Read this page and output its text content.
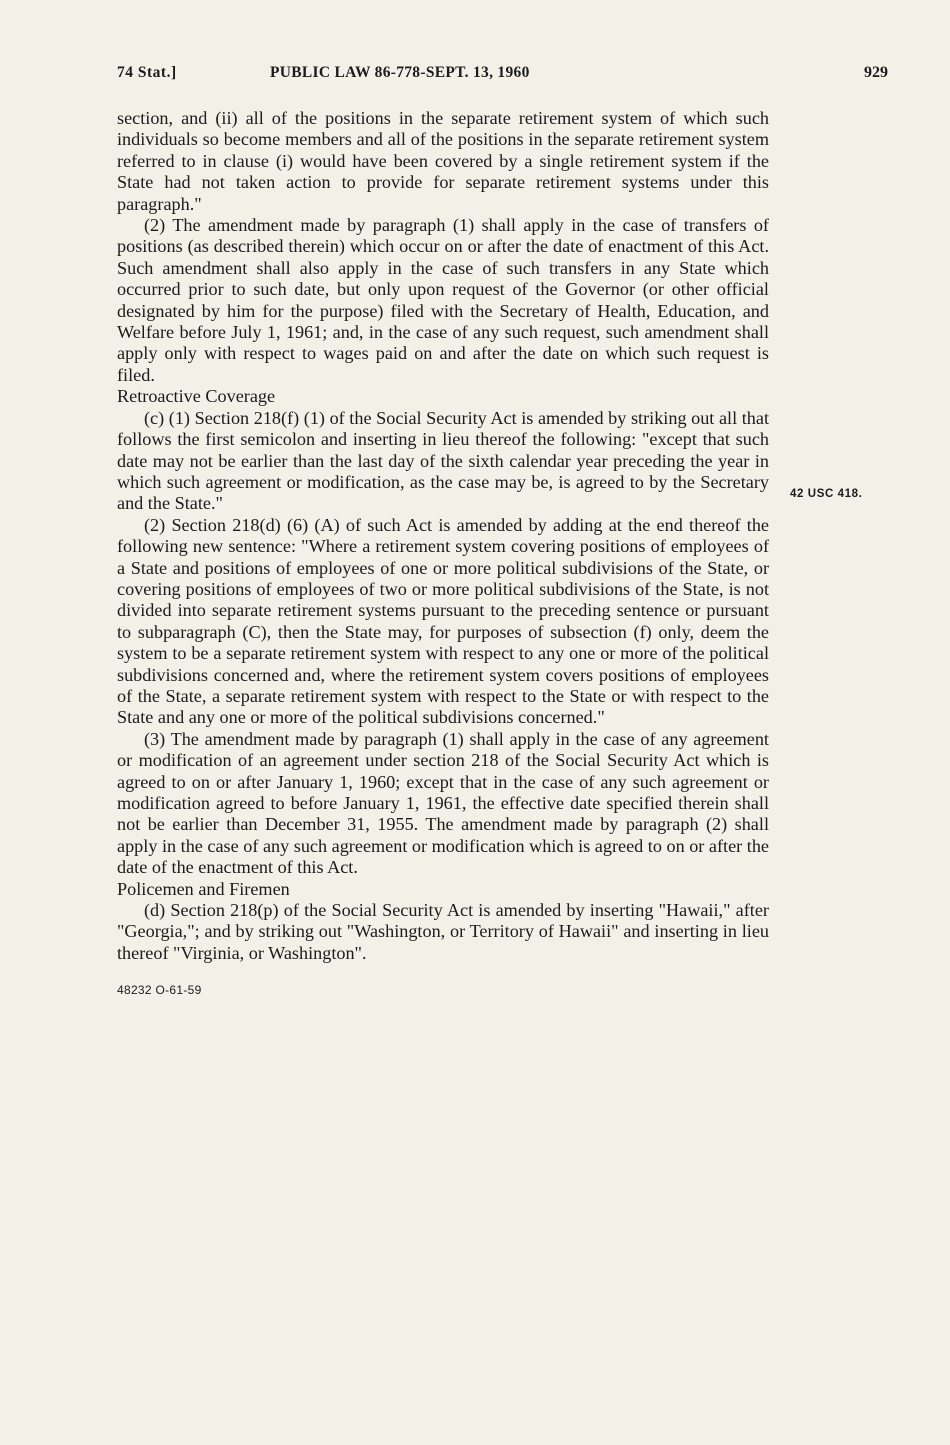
74 Stat.]	PUBLIC LAW 86-778-SEPT. 13, 1960	929

section, and (ii) all of the positions in the separate retirement system of which such individuals so become members and all of the positions in the separate retirement system referred to in clause (i) would have been covered by a single retirement system if the State had not taken action to provide for separate retirement systems under this paragraph."

(2) The amendment made by paragraph (1) shall apply in the case of transfers of positions (as described therein) which occur on or after the date of enactment of this Act. Such amendment shall also apply in the case of such transfers in any State which occurred prior to such date, but only upon request of the Governor (or other official designated by him for the purpose) filed with the Secretary of Health, Education, and Welfare before July 1, 1961; and, in the case of any such request, such amendment shall apply only with respect to wages paid on and after the date on which such request is filed.

Retroactive Coverage

(c) (1) Section 218(f) (1) of the Social Security Act is amended by striking out all that follows the first semicolon and inserting in lieu thereof the following: "except that such date may not be earlier than the last day of the sixth calendar year preceding the year in which such agreement or modification, as the case may be, is agreed to by the Secretary and the State."

(2) Section 218(d) (6) (A) of such Act is amended by adding at the end thereof the following new sentence: "Where a retirement system covering positions of employees of a State and positions of employees of one or more political subdivisions of the State, or covering positions of employees of two or more political subdivisions of the State, is not divided into separate retirement systems pursuant to the preceding sentence or pursuant to subparagraph (C), then the State may, for purposes of subsection (f) only, deem the system to be a separate retirement system with respect to any one or more of the political subdivisions concerned and, where the retirement system covers positions of employees of the State, a separate retirement system with respect to the State or with respect to the State and any one or more of the political subdivisions concerned."

(3) The amendment made by paragraph (1) shall apply in the case of any agreement or modification of an agreement under section 218 of the Social Security Act which is agreed to on or after January 1, 1960; except that in the case of any such agreement or modification agreed to before January 1, 1961, the effective date specified therein shall not be earlier than December 31, 1955. The amendment made by paragraph (2) shall apply in the case of any such agreement or modification which is agreed to on or after the date of the enactment of this Act.

Policemen and Firemen

(d) Section 218(p) of the Social Security Act is amended by inserting "Hawaii," after "Georgia,"; and by striking out "Washington, or Territory of Hawaii" and inserting in lieu thereof "Virginia, or Washington".

48232 O-61-59
42 USC 418.
